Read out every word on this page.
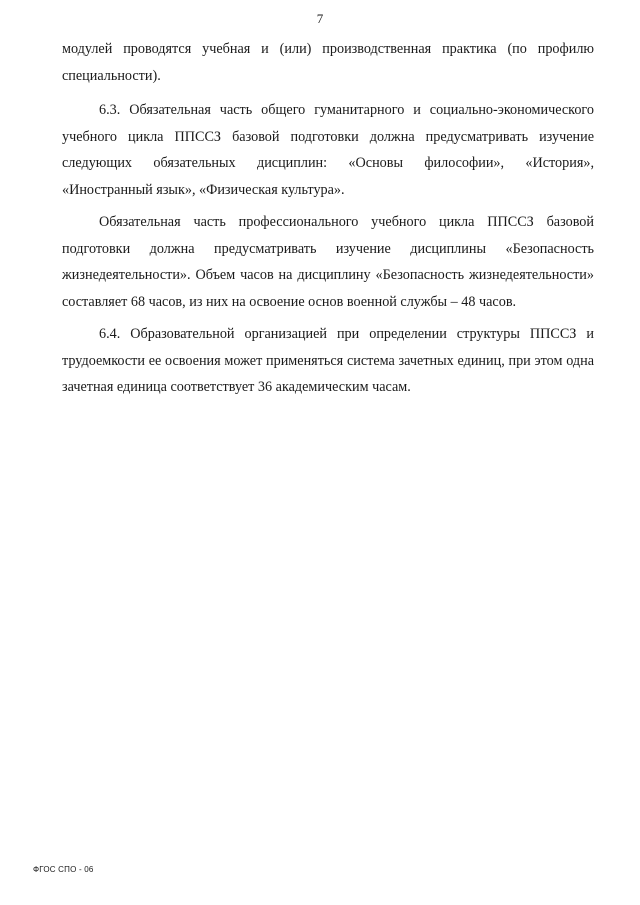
7

модулей проводятся учебная и (или) производственная практика (по профилю специальности).

6.3. Обязательная часть общего гуманитарного и социально-экономического учебного цикла ППССЗ базовой подготовки должна предусматривать изучение следующих обязательных дисциплин: «Основы философии», «История», «Иностранный язык», «Физическая культура».

Обязательная часть профессионального учебного цикла ППССЗ базовой подготовки должна предусматривать изучение дисциплины «Безопасность жизнедеятельности». Объем часов на дисциплину «Безопасность жизнедеятельности» составляет 68 часов, из них на освоение основ военной службы – 48 часов.

6.4. Образовательной организацией при определении структуры ППССЗ и трудоемкости ее освоения может применяться система зачетных единиц, при этом одна зачетная единица соответствует 36 академическим часам.

ФГОС СПО - 06
